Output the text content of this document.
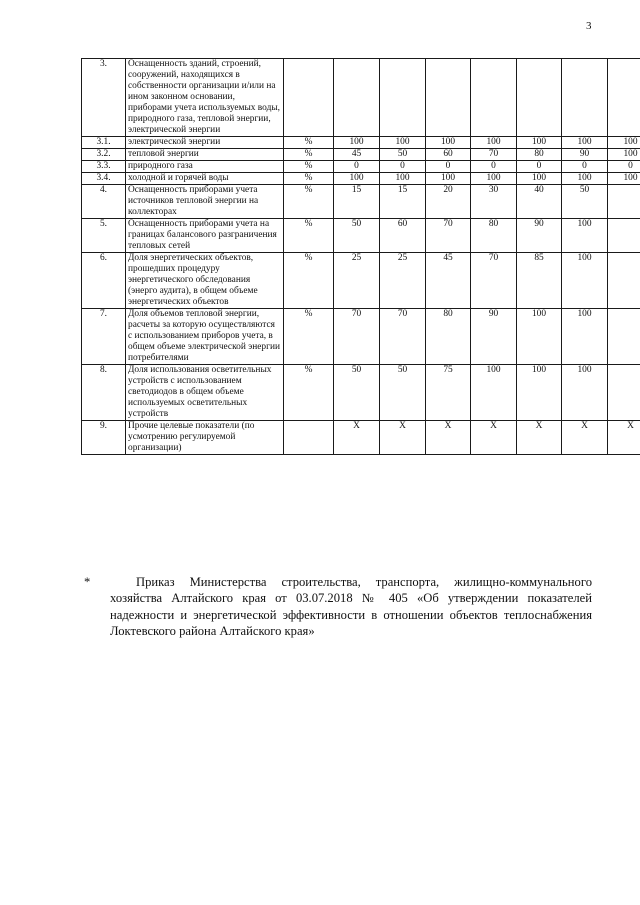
3
3.	Оснащенность зданий, строений, сооружений, находящихся в собственности организации и/или на ином законном основании, приборами учета используемых воды, природного газа, тепловой энергии, электрической энергии								
3.1.	электрической энергии	%	100	100	100	100	100	100	100
3.2.	тепловой энергии	%	45	50	60	70	80	90	100
3.3.	природного газа	%	0	0	0	0	0	0	0
3.4.	холодной и горячей воды	%	100	100	100	100	100	100	100
4.	Оснащенность приборами учета источников тепловой энергии на коллекторах	%	15	15	20	30	40	50	
5.	Оснащенность приборами учета на границах балансового разграничения тепловых сетей	%	50	60	70	80	90	100	
6.	Доля энергетических объектов, прошедших процедуру энергетического обследования (энерго аудита), в общем объеме энергетических объектов	%	25	25	45	70	85	100	
7.	Доля объемов тепловой энергии, расчеты за которую осуществляются с использованием приборов учета, в общем объеме электрической энергии потребителями	%	70	70	80	90	100	100	
8.	Доля использования осветительных устройств с использованием светодиодов в общем объеме используемых осветительных устройств	%	50	50	75	100	100	100	
9.	Прочие целевые показатели (по усмотрению регулируемой организации)		Х	Х	Х	Х	Х	Х	Х
*	Приказ Министерства строительства, транспорта, жилищно-коммунального хозяйства Алтайского края от 03.07.2018 № 405 «Об утверждении показателей надежности и энергетической эффективности в отношении объектов теплоснабжения Локтевского района Алтайского края»
